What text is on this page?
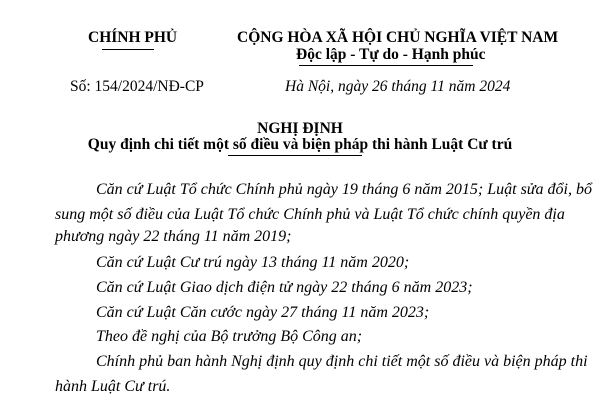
CHÍNH PHỦ	CỘNG HÒA XÃ HỘI CHỦ NGHĨA VIỆT NAM
Độc lập - Tự do - Hạnh phúc
Số: 154/2024/NĐ-CP	Hà Nội, ngày 26 tháng 11 năm 2024
NGHỊ ĐỊNH
Quy định chi tiết một số điều và biện pháp thi hành Luật Cư trú
Căn cứ Luật Tổ chức Chính phủ ngày 19 tháng 6 năm 2015; Luật sửa đổi, bổ
sung một số điều của Luật Tổ chức Chính phủ và Luật Tổ chức chính quyền địa
phương ngày 22 tháng 11 năm 2019;
Căn cứ Luật Cư trú ngày 13 tháng 11 năm 2020;
Căn cứ Luật Giao dịch điện tử ngày 22 tháng 6 năm 2023;
Căn cứ Luật Căn cước ngày 27 tháng 11 năm 2023;
Theo đề nghị của Bộ trưởng Bộ Công an;
Chính phủ ban hành Nghị định quy định chi tiết một số điều và biện pháp thi
hành Luật Cư trú.
